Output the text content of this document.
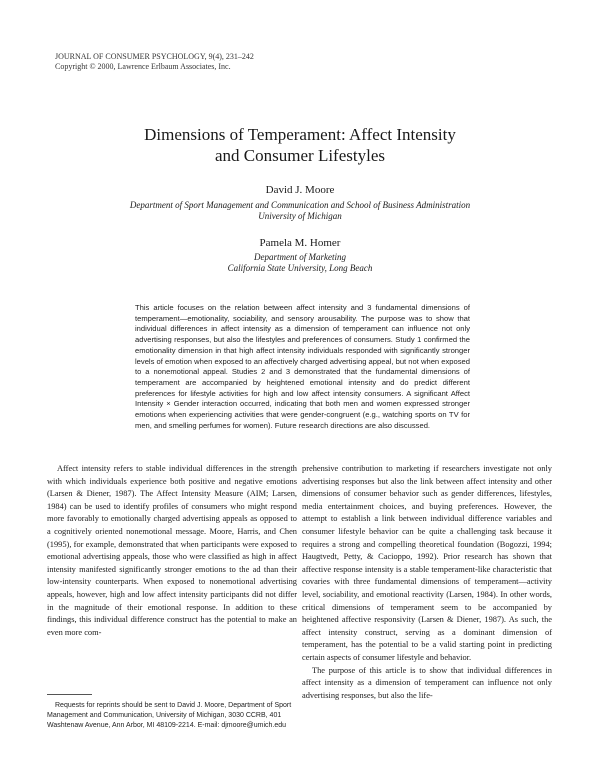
JOURNAL OF CONSUMER PSYCHOLOGY, 9(4), 231–242
Copyright © 2000, Lawrence Erlbaum Associates, Inc.
Dimensions of Temperament: Affect Intensity
and Consumer Lifestyles
David J. Moore
Department of Sport Management and Communication and School of Business Administration
University of Michigan
Pamela M. Homer
Department of Marketing
California State University, Long Beach
This article focuses on the relation between affect intensity and 3 fundamental dimensions of temperament—emotionality, sociability, and sensory arousability. The purpose was to show that individual differences in affect intensity as a dimension of temperament can influence not only advertising responses, but also the lifestyles and preferences of consumers. Study 1 confirmed the emotionality dimension in that high affect intensity individuals responded with significantly stronger levels of emotion when exposed to an affectively charged advertising appeal, but not when exposed to a nonemotional appeal. Studies 2 and 3 demonstrated that the fundamental dimensions of temperament are accompanied by heightened emotional intensity and do predict different preferences for lifestyle activities for high and low affect intensity consumers. A significant Affect Intensity × Gender interaction occurred, indicating that both men and women expressed stronger emotions when experiencing activities that were gender-congruent (e.g., watching sports on TV for men, and smelling perfumes for women). Future research directions are also discussed.

Affect intensity refers to stable individual differences in the strength with which individuals experience both positive and negative emotions (Larsen & Diener, 1987). The Affect Intensity Measure (AIM; Larsen, 1984) can be used to identify profiles of consumers who might respond more favorably to emotionally charged advertising appeals as opposed to a cognitively oriented nonemotional message. Moore, Harris, and Chen (1995), for example, demonstrated that when participants were exposed to emotional advertising appeals, those who were classified as high in affect intensity manifested significantly stronger emotions to the ad than their low-intensity counterparts. When exposed to nonemotional advertising appeals, however, high and low affect intensity participants did not differ in the magnitude of their emotional response. In addition to these findings, this individual difference construct has the potential to make an even more com-

prehensive contribution to marketing if researchers investigate not only advertising responses but also the link between affect intensity and other dimensions of consumer behavior such as gender differences, lifestyles, media entertainment choices, and buying preferences. However, the attempt to establish a link between individual difference variables and consumer lifestyle behavior can be quite a challenging task because it requires a strong and compelling theoretical foundation (Bogozzi, 1994; Haugtvedt, Petty, & Cacioppo, 1992). Prior research has shown that affective response intensity is a stable temperament-like characteristic that covaries with three fundamental dimensions of temperament—activity level, sociability, and emotional reactivity (Larsen, 1984). In other words, critical dimensions of temperament seem to be accompanied by heightened affective responsivity (Larsen & Diener, 1987). As such, the affect intensity construct, serving as a dominant dimension of temperament, has the potential to be a valid starting point in predicting certain aspects of consumer lifestyle and behavior.

The purpose of this article is to show that individual differences in affect intensity as a dimension of temperament can influence not only advertising responses, but also the life-

Requests for reprints should be sent to David J. Moore, Department of Sport Management and Communication, University of Michigan, 3030 CCRB, 401 Washtenaw Avenue, Ann Arbor, MI 48109-2214. E-mail: djmoore@umich.edu
